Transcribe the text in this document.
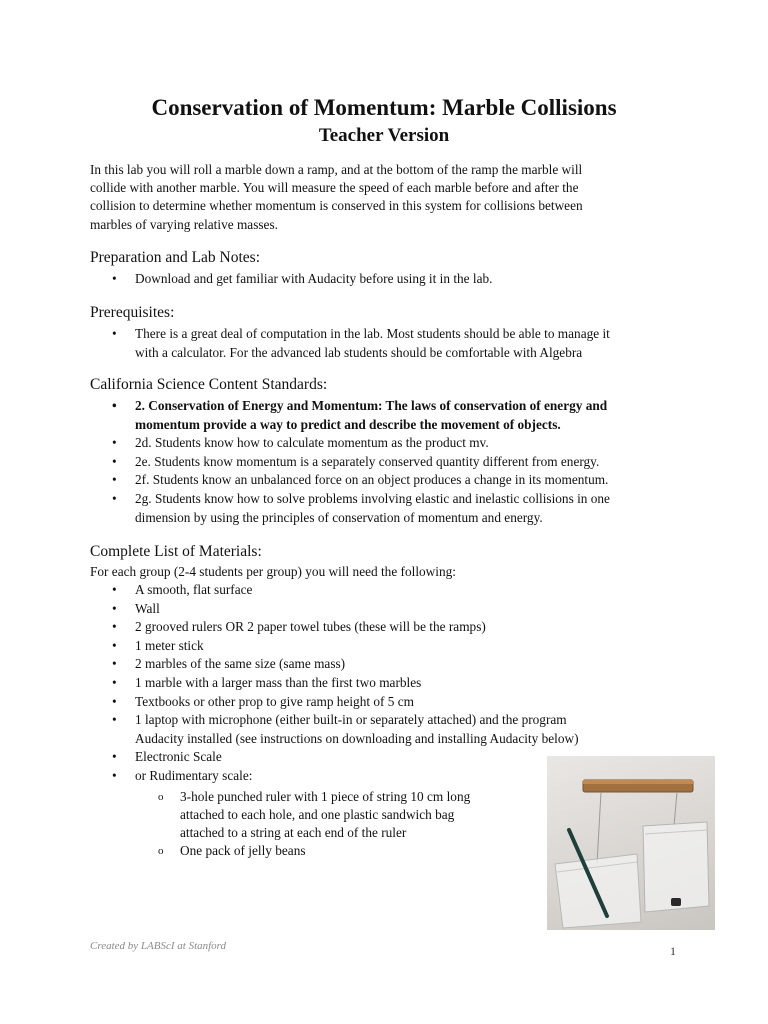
Conservation of Momentum: Marble Collisions
Teacher Version
In this lab you will roll a marble down a ramp, and at the bottom of the ramp the marble will
collide with another marble. You will measure the speed of each marble before and after the
collision to determine whether momentum is conserved in this system for collisions between
marbles of varying relative masses.
Preparation and Lab Notes:
• Download and get familiar with Audacity before using it in the lab.
Prerequisites:
• There is a great deal of computation in the lab. Most students should be able to manage it
with a calculator. For the advanced lab students should be comfortable with Algebra
California Science Content Standards:
• 2. Conservation of Energy and Momentum: The laws of conservation of energy and
momentum provide a way to predict and describe the movement of objects.
• 2d. Students know how to calculate momentum as the product mv.
• 2e. Students know momentum is a separately conserved quantity different from energy.
• 2f. Students know an unbalanced force on an object produces a change in its momentum.
• 2g. Students know how to solve problems involving elastic and inelastic collisions in one
dimension by using the principles of conservation of momentum and energy.
Complete List of Materials:

For each group (2-4 students per group) you will need the following:

• A smooth, flat surface
• Wall
• 2 grooved rulers OR 2 paper towel tubes (these will be the ramps)
• 1 meter stick
• 2 marbles of the same size (same mass)
• 1 marble with a larger mass than the first two marbles
• Textbooks or other prop to give ramp height of 5 cm
• 1 laptop with microphone (either built-in or separately attached) and the program
Audacity installed (see instructions on downloading and installing Audacity below)
• Electronic Scale
• or Rudimentary scale:
o 3-hole punched ruler with 1 piece of string 10 cm long
attached to each hole, and one plastic sandwich bag
attached to a string at each end of the ruler
o One pack of jelly beans
Created by LABScI at Stanford	1
